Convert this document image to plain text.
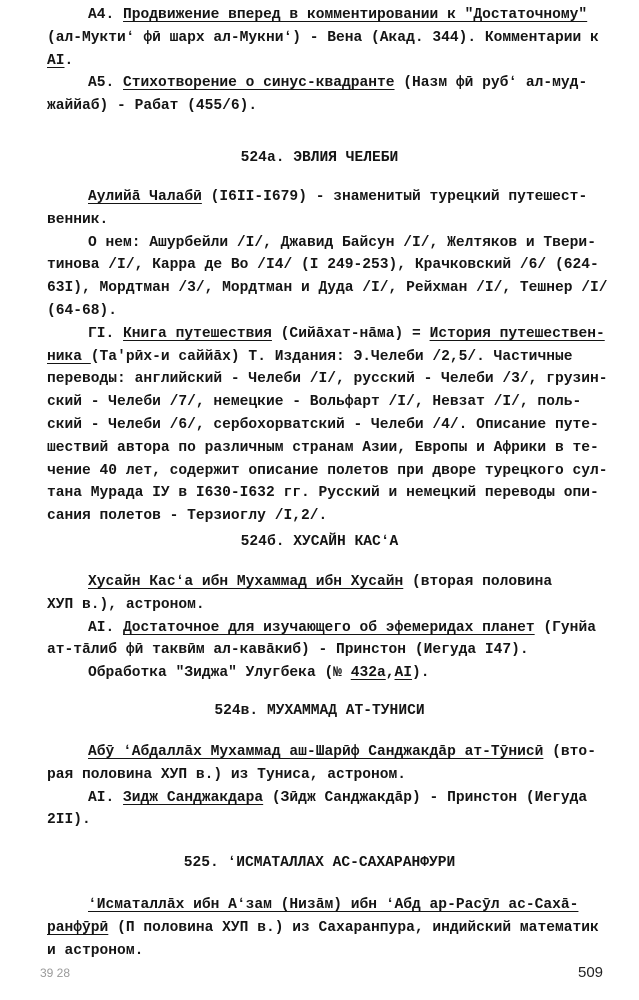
А4. Продвижение вперед в комментировании к "Достаточному"
(ал-Муктиʻ фӣ шарх ал-Мукниʻ) - Вена (Акад. 344). Комментарии к
АI.
А5. Стихотворение о синус-квадранте (Назм фӣ рубʻ ал-муд-
жаййаб) - Рабат (455/6).
524а. ЭВЛИЯ ЧЕЛЕБИ
Аулийā Чалабӣ (I6II-I679) - знаменитый турецкий путешест-
венник.
О нем: Ашурбейли /I/, Джавид Байсун /I/, Желтяков и Твери-
тинова /I/, Карра де Во /I4/ (I 249-253), Крачковский /6/ (624-
63I), Мордтман /3/, Мордтман и Дуда /I/, Рейхман /I/, Тешнер /I/
(64-68).
ГI. Книга путешествия (Сийāхат-нāма) = История путешествен-
ника (Та'рӣх-и саййāх) Т. Издания: Э.Челеби /2,5/. Частичные
переводы: английский - Челеби /I/, русский - Челеби /3/, грузин-
ский - Челеби /7/, немецкие - Вольфарт /I/, Невзат /I/, поль-
ский - Челеби /6/, сербохорватский - Челеби /4/. Описание путе-
шествий автора по различным странам Азии, Европы и Африки в те-
чение 40 лет, содержит описание полетов при дворе турецкого сул-
тана Мурада IУ в I630-I632 гг. Русский и немецкий переводы опи-
сания полетов - Терзиоглу /I,2/.
524б. ХУСАЙН КАСʻА
Хусайн Касʻа ибн Мухаммад ибн Хусайн (вторая половина
ХУП в.), астроном.
АI. Достаточное для изучающего об эфемеридах планет (Гунйа
ат-тāлиб фӣ таквӣм ал-кавāкиб) - Принстон (Иегуда I47).
Обработка "Зиджа" Улугбека (№ 432а,АI).
524в. МУХАММАД АТ-ТУНИСИ
Абӯ ʻАбдаллāх Мухаммад аш-Шарӣф Санджакдāр ат-Тӯнисӣ (вто-
рая половина ХУП в.) из Туниса, астроном.
АI. Зидж Санджакдара (Зӣдж Санджакдāр) - Принстон (Иегуда
2II).
525. ʻИСМАТАЛЛАХ АС-САХАРАНФУРИ
ʻИсматаллāх ибн Аʻзам (Низāм) ибн ʻАбд ар-Расӯл ас-Сахā-
ранфӯрӣ (П половина ХУП в.) из Сахаранпура, индийский математик
и астроном.
39 28	509
